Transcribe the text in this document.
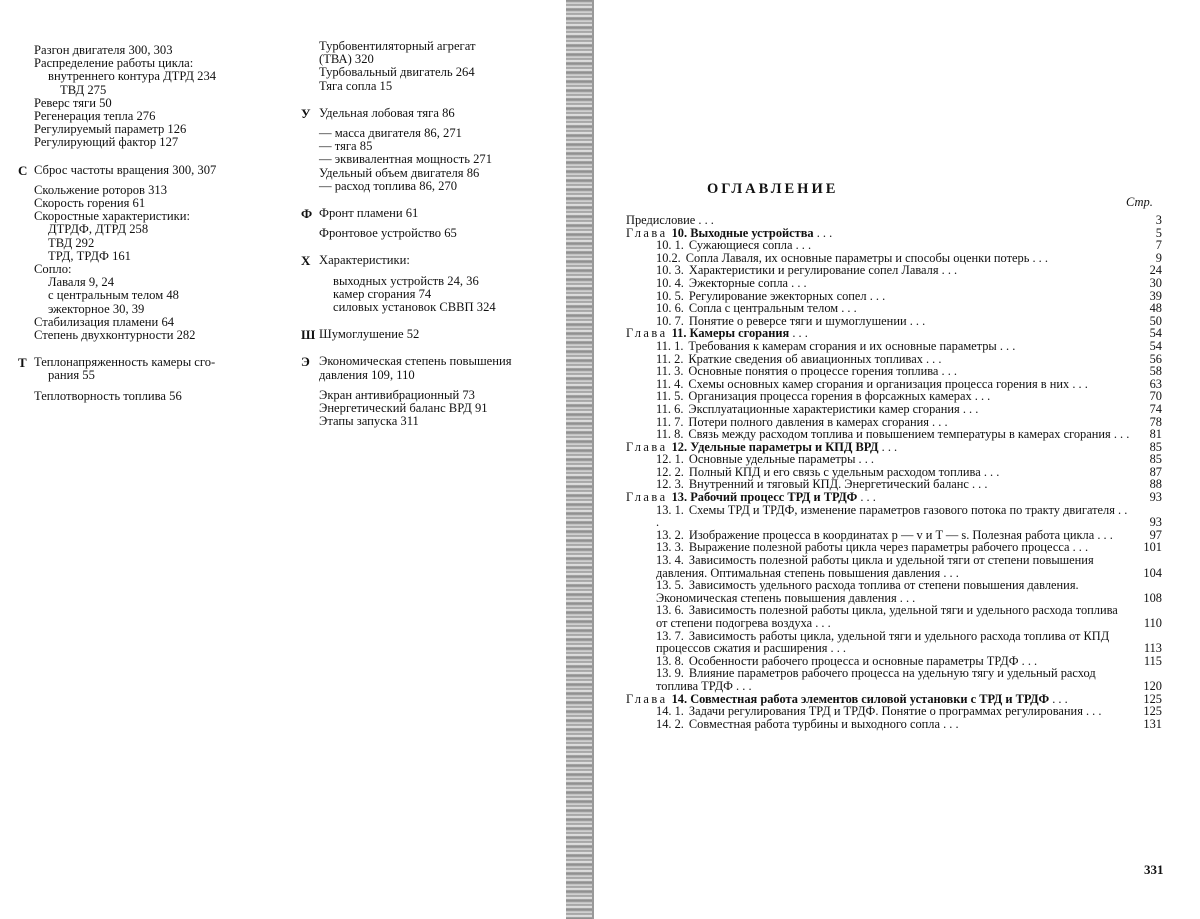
Разгон двигателя 300, 303
Распределение работы цикла:
внутреннего контура ДТРД 234
ТВД 275
Реверс тяги 50
Регенерация тепла 276
Регулируемый параметр 126
Регулирующий фактор 127
С Сброс частоты вращения 300, 307
Скольжение роторов 313
Скорость горения 61
Скоростные характеристики:
ДТРДФ, ДТРД 258
ТВД 292
ТРД, ТРДФ 161
Сопло:
Лаваля 9, 24
с центральным телом 48
эжекторное 30, 39
Стабилизация пламени 64
Степень двухконтурности 282
Т Теплонапряженность камеры сго-
рания 55
Теплотворность топлива 56
Турбовентиляторный агрегат
(ТВА) 320
Турбовальный двигатель 264
Тяга сопла 15
У Удельная лобовая тяга 86
— масса двигателя 86, 271
— тяга 85
— эквивалентная мощность 271
Удельный объем двигателя 86
— расход топлива 86, 270
Ф Фронт пламени 61
Фронтовое устройство 65
Х Характеристики:
выходных устройств 24, 36
камер сгорания 74
силовых установок СВВП 324
Ш Шумоглушение 52
Э Экономическая степень повышения
давления 109, 110
Экран антивибрационный 73
Энергетический баланс ВРД 91
Этапы запуска 311
ОГЛАВЛЕНИЕ
Стр.
Предисловие . . .	3
Глава 10. Выходные устройства . . .	5
10. 1. Сужающиеся сопла . . .	7
10.2. Сопла Лаваля, их основные параметры и способы оценки потерь . . .	9
10. 3. Характеристики и регулирование сопел Лаваля . . .	24
10. 4. Эжекторные сопла . . .	30
10. 5. Регулирование эжекторных сопел . . .	39
10. 6. Сопла с центральным телом . . .	48
10. 7. Понятие о реверсе тяги и шумоглушении . . .	50
Глава 11. Камеры сгорания . . .	54
11. 1. Требования к камерам сгорания и их основные параметры . . .	54
11. 2. Краткие сведения об авиационных топливах . . .	56
11. 3. Основные понятия о процессе горения топлива . . .	58
11. 4. Схемы основных камер сгорания и организация процесса горения в них . . .	63
11. 5. Организация процесса горения в форсажных камерах . . .	70
11. 6. Эксплуатационные характеристики камер сгорания . . .	74
11. 7. Потери полного давления в камерах сгорания . . .	78
11. 8. Связь между расходом топлива и повышением температуры в камерах сгорания . . .	81
Глава 12. Удельные параметры и КПД ВРД . . .	85
12. 1. Основные удельные параметры . . .	85
12. 2. Полный КПД и его связь с удельным расходом топлива . . .	87
12. 3. Внутренний и тяговый КПД. Энергетический баланс . . .	88
Глава 13. Рабочий процесс ТРД и ТРДФ . . .	93
13. 1. Схемы ТРД и ТРДФ, изменение параметров газового потока по тракту двигателя . . .	93
13. 2. Изображение процесса в координатах p — v и T — s. Полезная работа цикла . . .	97
13. 3. Выражение полезной работы цикла через параметры рабочего процесса . . .	101
13. 4. Зависимость полезной работы цикла и удельной тяги от степени повышения давления. Оптимальная степень повышения давления . . .	104
13. 5. Зависимость удельного расхода топлива от степени повышения давления. Экономическая степень повышения давления . . .	108
13. 6. Зависимость полезной работы цикла, удельной тяги и удельного расхода топлива от степени подогрева воздуха . . .	110
13. 7. Зависимость работы цикла, удельной тяги и удельного расхода топлива от КПД процессов сжатия и расширения . . .	113
13. 8. Особенности рабочего процесса и основные параметры ТРДФ . . .	115
13. 9. Влияние параметров рабочего процесса на удельную тягу и удельный расход топлива ТРДФ . . .	120
Глава 14. Совместная работа элементов силовой установки с ТРД и ТРДФ . . .	125
14. 1. Задачи регулирования ТРД и ТРДФ. Понятие о программах регулирования . . .	125
14. 2. Совместная работа турбины и выходного сопла . . .	131
331
